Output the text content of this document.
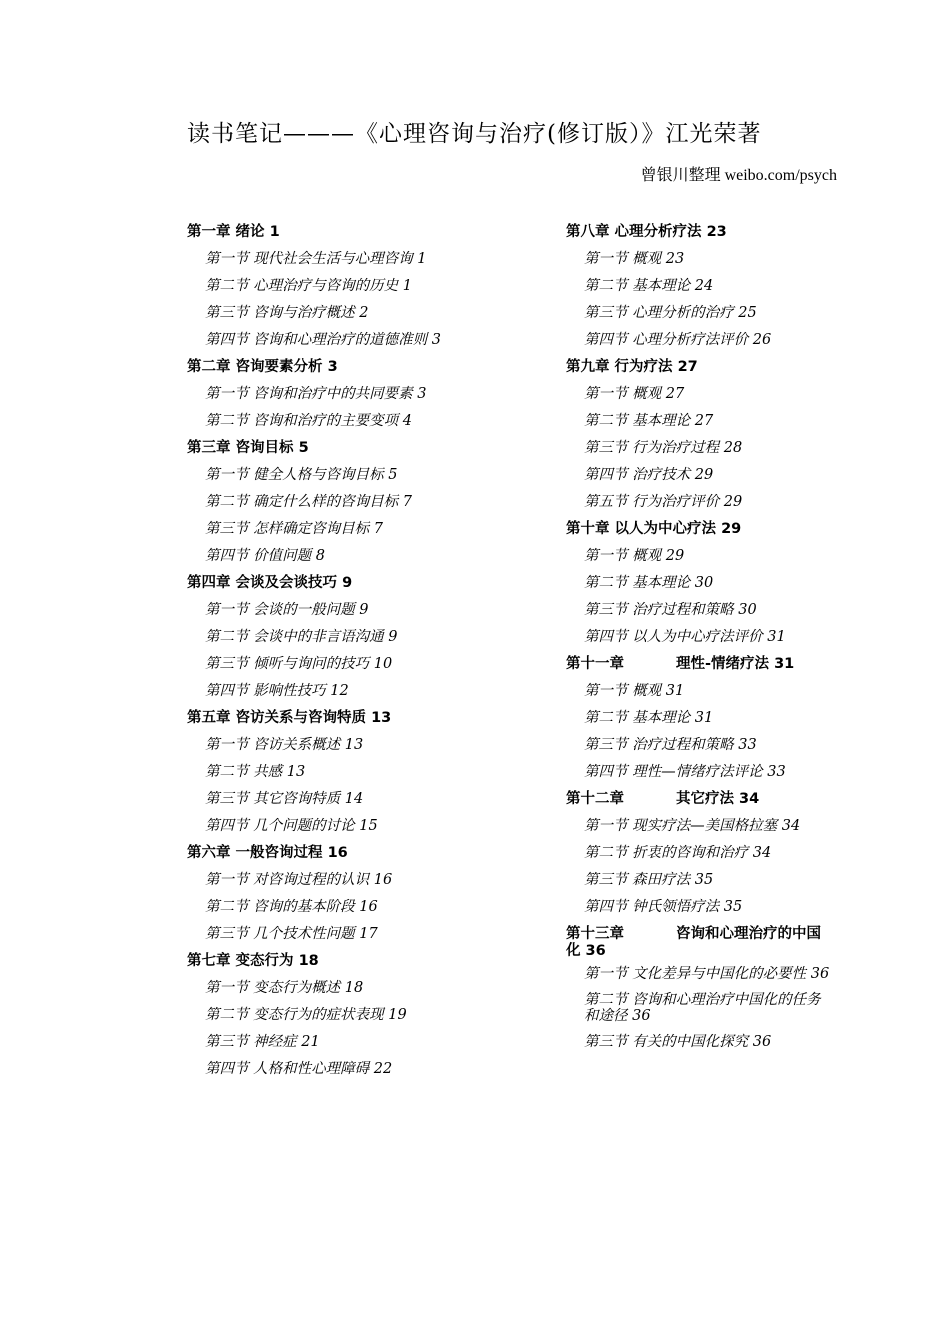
读书笔记———《心理咨询与治疗(修订版）》江光荣著
曾银川整理 weibo.com/psych
第一章 绪论 1
第一节 现代社会生活与心理咨询 1
第二节 心理治疗与咨询的历史 1
第三节 咨询与治疗概述 2
第四节 咨询和心理治疗的道德准则 3
第二章 咨询要素分析 3
第一节 咨询和治疗中的共同要素 3
第二节 咨询和治疗的主要变项 4
第三章 咨询目标 5
第一节 健全人格与咨询目标 5
第二节 确定什么样的咨询目标 7
第三节 怎样确定咨询目标 7
第四节 价值问题 8
第四章 会谈及会谈技巧 9
第一节 会谈的一般问题 9
第二节 会谈中的非言语沟通 9
第三节 倾听与询问的技巧 10
第四节 影响性技巧 12
第五章 咨访关系与咨询特质 13
第一节 咨访关系概述 13
第二节 共感 13
第三节 其它咨询特质 14
第四节 几个问题的讨论 15
第六章 一般咨询过程 16
第一节 对咨询过程的认识 16
第二节 咨询的基本阶段 16
第三节 几个技术性问题 17
第七章 变态行为 18
第一节 变态行为概述 18
第二节 变态行为的症状表现 19
第三节 神经症 21
第四节 人格和性心理障碍 22
第八章 心理分析疗法 23
第一节 概观 23
第二节 基本理论 24
第三节 心理分析的治疗 25
第四节 心理分析疗法评价 26
第九章 行为疗法 27
第一节 概观 27
第二节 基本理论 27
第三节 行为治疗过程 28
第四节 治疗技术 29
第五节 行为治疗评价 29
第十章 以人为中心疗法 29
第一节 概观 29
第二节 基本理论 30
第三节 治疗过程和策略 30
第四节 以人为中心疗法评价 31
第十一章	理性-情绪疗法 31
第一节 概观 31
第二节 基本理论 31
第三节 治疗过程和策略 33
第四节 理性—情绪疗法评论 33
第十二章	其它疗法 34
第一节 现实疗法—美国格拉塞 34
第二节 折衷的咨询和治疗 34
第三节 森田疗法 35
第四节 钟氏领悟疗法 35
第十三章	咨询和心理治疗的中国化 36
第一节 文化差异与中国化的必要性 36
第二节 咨询和心理治疗中国化的任务和途径 36
第三节 有关的中国化探究 36
